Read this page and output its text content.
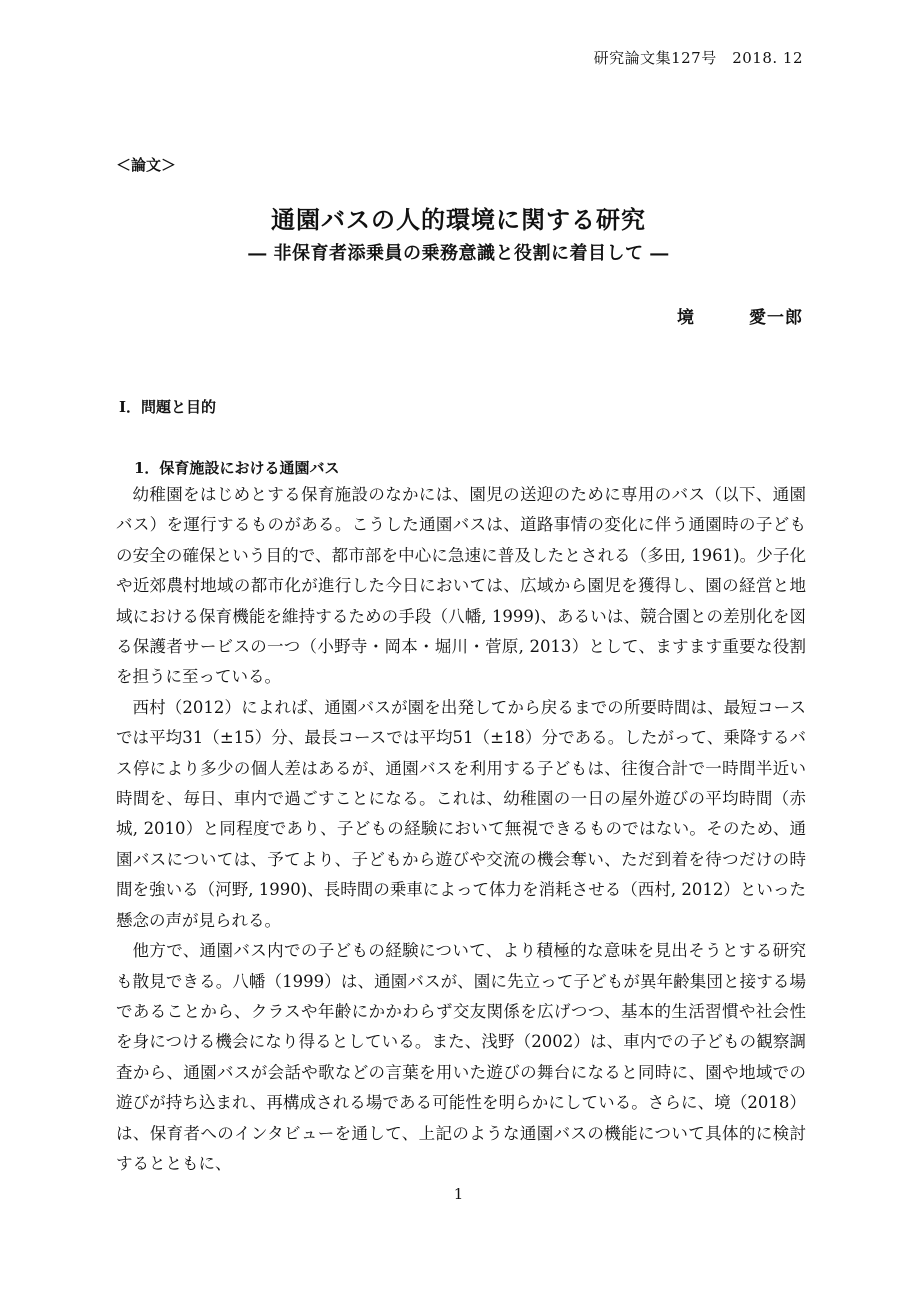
研究論文集127号　2018. 12
＜論文＞
通園バスの人的環境に関する研究
― 非保育者添乗員の乗務意識と役割に着目して ―
境　　　愛一郎
Ⅰ．問題と目的
1．保育施設における通園バス

幼稚園をはじめとする保育施設のなかには、園児の送迎のために専用のバス（以下、通園バス）を運行するものがある。こうした通園バスは、道路事情の変化に伴う通園時の子どもの安全の確保という目的で、都市部を中心に急速に普及したとされる（多田, 1961)。少子化や近郊農村地域の都市化が進行した今日においては、広域から園児を獲得し、園の経営と地域における保育機能を維持するための手段（八幡, 1999)、あるいは、競合園との差別化を図る保護者サービスの一つ（小野寺・岡本・堀川・菅原, 2013）として、ますます重要な役割を担うに至っている。

西村（2012）によれば、通園バスが園を出発してから戻るまでの所要時間は、最短コースでは平均31（±15）分、最長コースでは平均51（±18）分である。したがって、乗降するバス停により多少の個人差はあるが、通園バスを利用する子どもは、往復合計で一時間半近い時間を、毎日、車内で過ごすことになる。これは、幼稚園の一日の屋外遊びの平均時間（赤城, 2010）と同程度であり、子どもの経験において無視できるものではない。そのため、通園バスについては、予てより、子どもから遊びや交流の機会奪い、ただ到着を待つだけの時間を強いる（河野, 1990)、長時間の乗車によって体力を消耗させる（西村, 2012）といった懸念の声が見られる。

他方で、通園バス内での子どもの経験について、より積極的な意味を見出そうとする研究も散見できる。八幡（1999）は、通園バスが、園に先立って子どもが異年齢集団と接する場であることから、クラスや年齢にかかわらず交友関係を広げつつ、基本的生活習慣や社会性を身につける機会になり得るとしている。また、浅野（2002）は、車内での子どもの観察調査から、通園バスが会話や歌などの言葉を用いた遊びの舞台になると同時に、園や地域での遊びが持ち込まれ、再構成される場である可能性を明らかにしている。さらに、境（2018）は、保育者へのインタビューを通して、上記のような通園バスの機能について具体的に検討するとともに、

1
